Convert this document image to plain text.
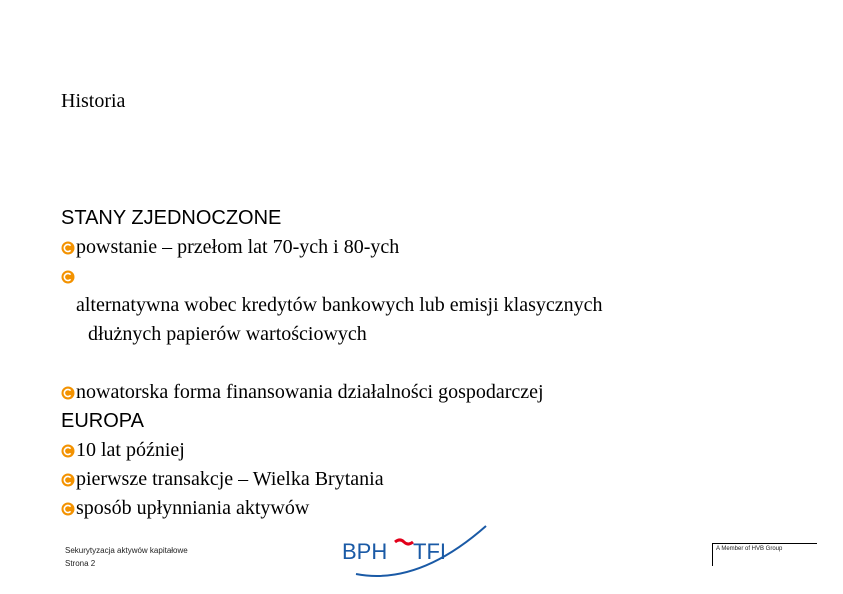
Historia
STANY ZJEDNOCZONE
powstanie – przełom lat 70-ych i 80-ych

alternatywna wobec kredytów bankowych lub emisji klasycznych

dłużnych papierów wartościowych

nowatorska forma finansowania działalności gospodarczej
EUROPA
10 lat później
pierwsze transakcje – Wielka Brytania
sposób upłynniania aktywów
Sekurytyzacja aktywów kapitałowe
Strona 2	BPH TFI	A Member of HVB Group
